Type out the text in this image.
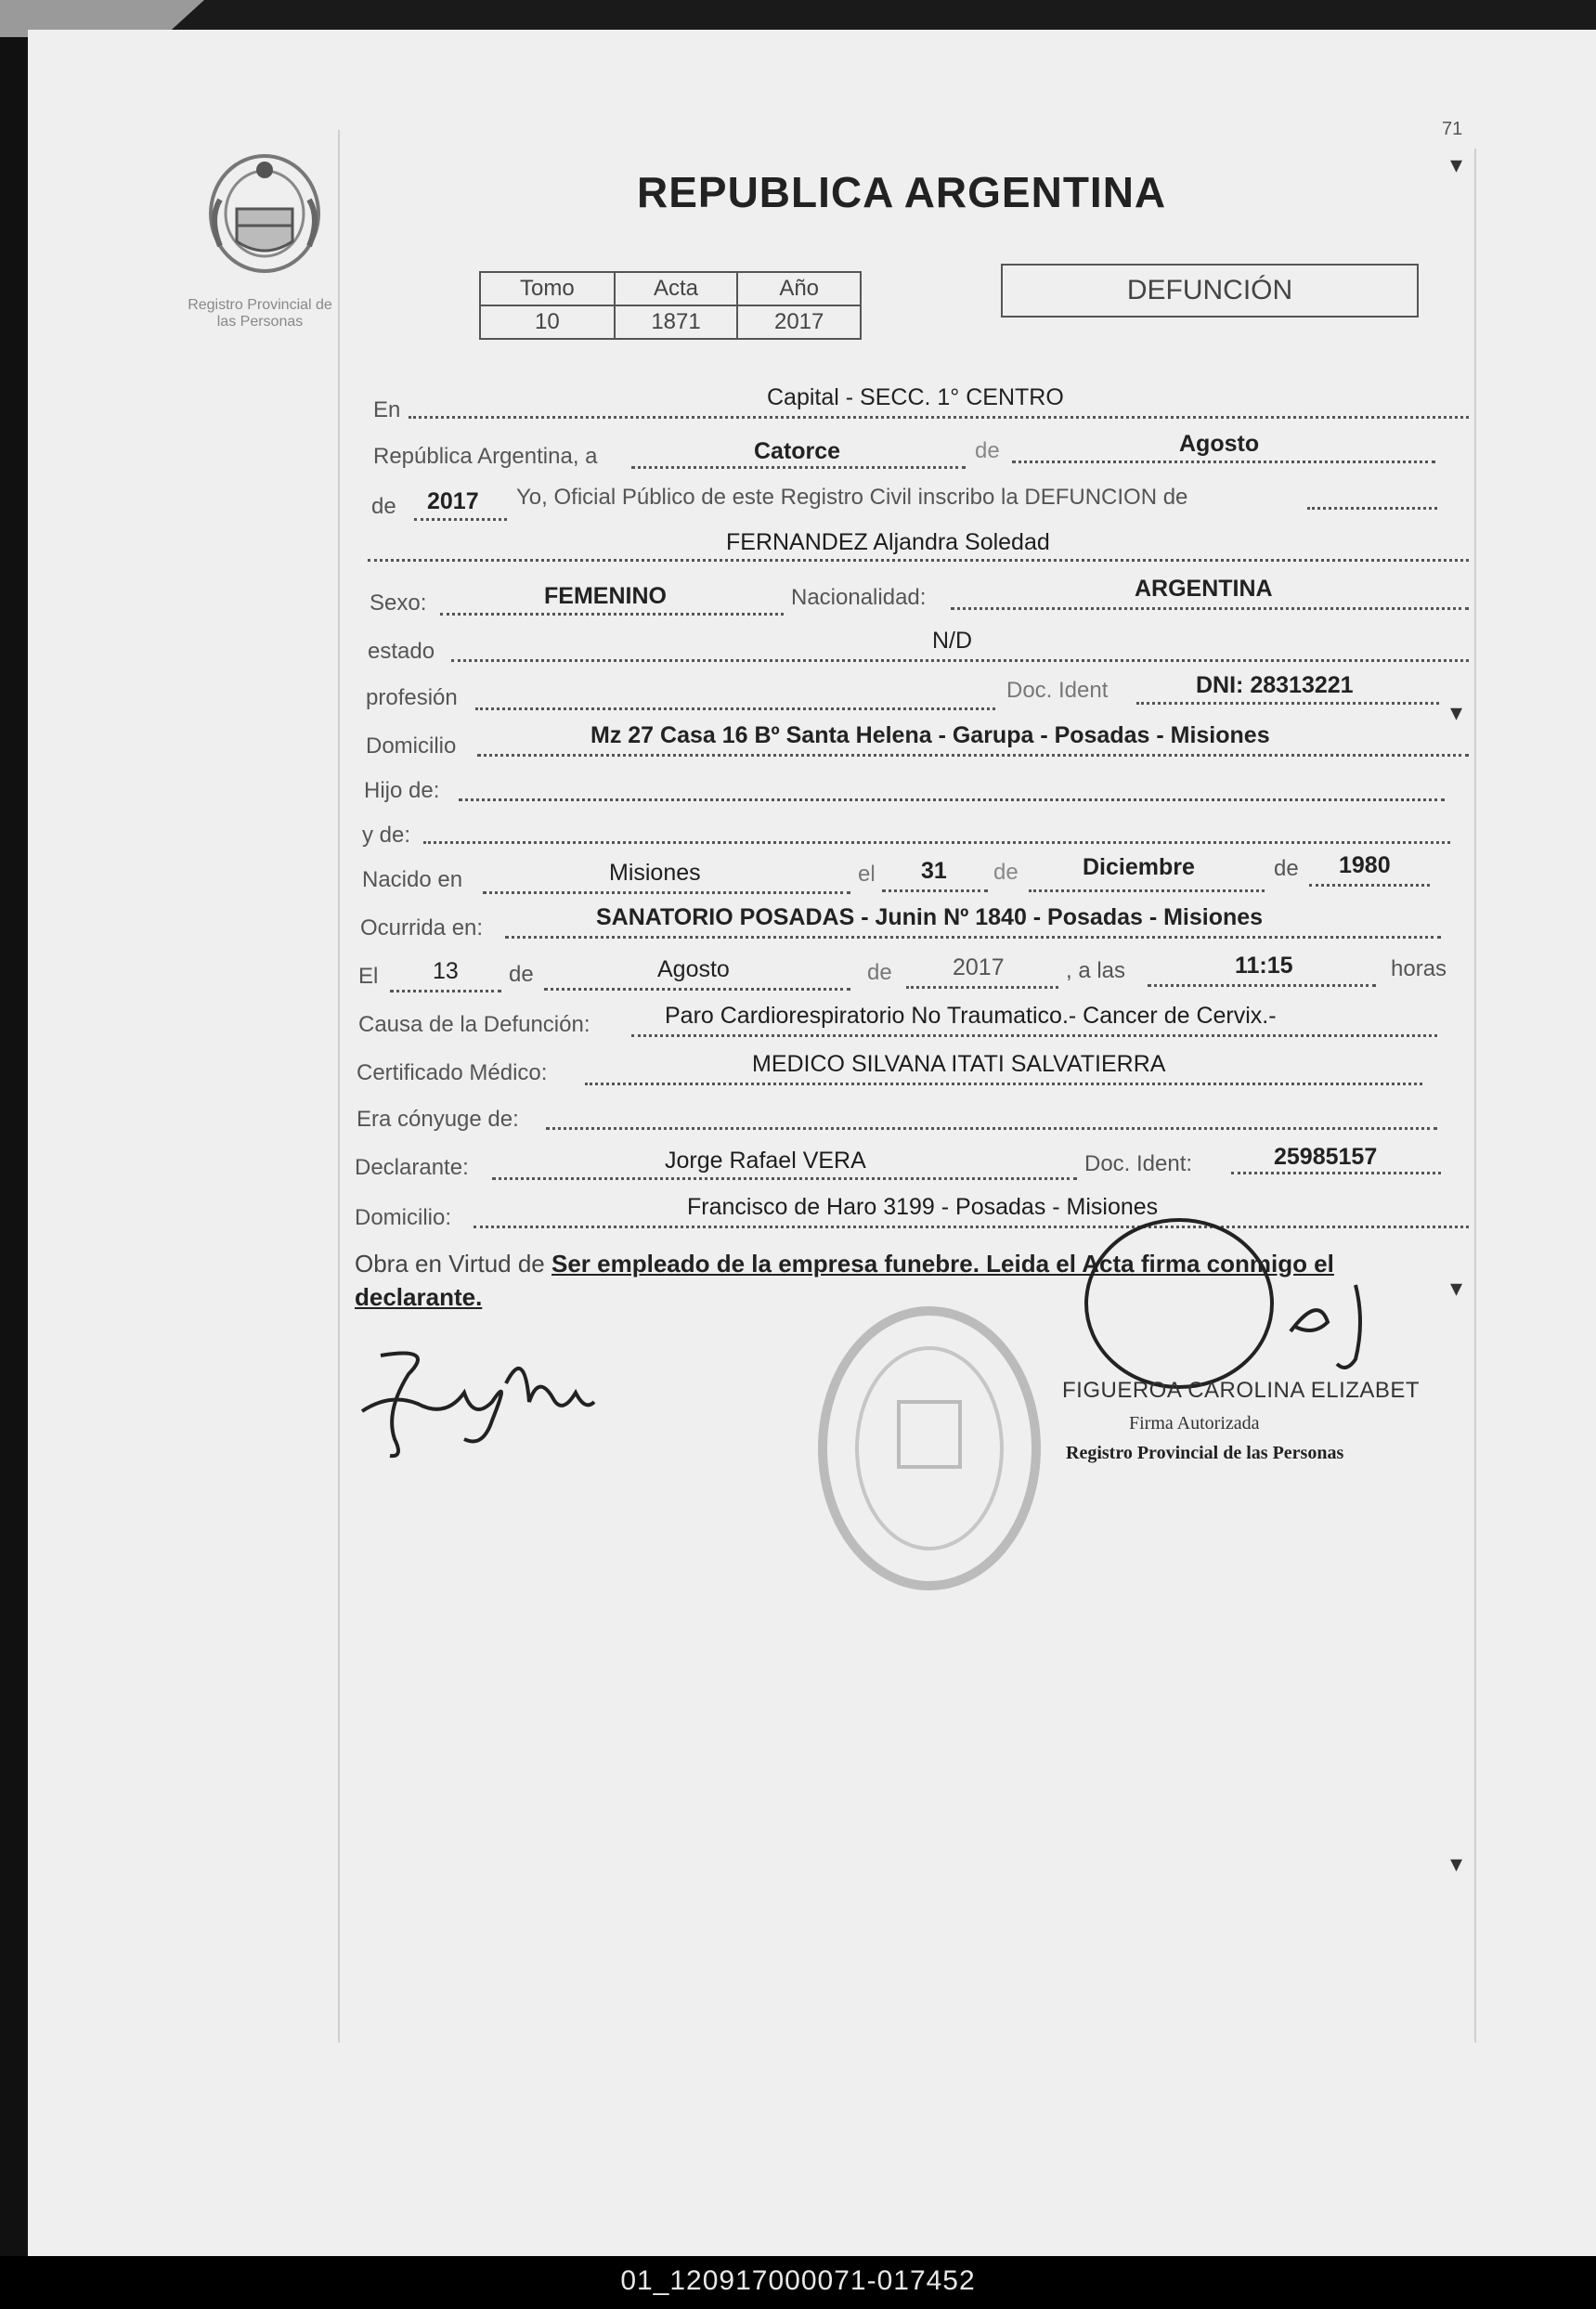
71
▾
▾
▾
▾
Registro Provincial de
las Personas
REPUBLICA ARGENTINA
Tomo	Acta	Año
10	1871	2017
DEFUNCIÓN
En	Capital - SECC. 1° CENTRO
República Argentina, a	Catorce	de	Agosto
de 2017 Yo, Oficial Público de este Registro Civil inscribo la DEFUNCION de
FERNANDEZ Aljandra Soledad
Sexo:	FEMENINO	Nacionalidad:	ARGENTINA
estado	N/D
profesión	Doc. Ident	DNI: 28313221
Domicilio	Mz 27 Casa 16 Bº Santa Helena - Garupa - Posadas - Misiones
Hijo de:
y de:
Nacido en	Misiones	el 31 de	Diciembre	de 1980
Ocurrida en:	SANATORIO POSADAS - Junin Nº 1840 - Posadas - Misiones
El 13 de	Agosto	de	2017	, a las	11:15	horas
Causa de la Defunción:	Paro Cardiorespiratorio No Traumatico.- Cancer de Cervix.-
Certificado Médico:	MEDICO SILVANA ITATI SALVATIERRA
Era cónyuge de:
Declarante:	Jorge Rafael VERA	Doc. Ident:	25985157
Domicilio:	Francisco de Haro 3199 - Posadas - Misiones
Obra en Virtud de Ser empleado de la empresa funebre. Leida el Acta firma conmigo el
declarante.
FIGUEROA CAROLINA ELIZABET
Firma Autorizada
Registro Provincial de las Personas
01_120917000071-017452
